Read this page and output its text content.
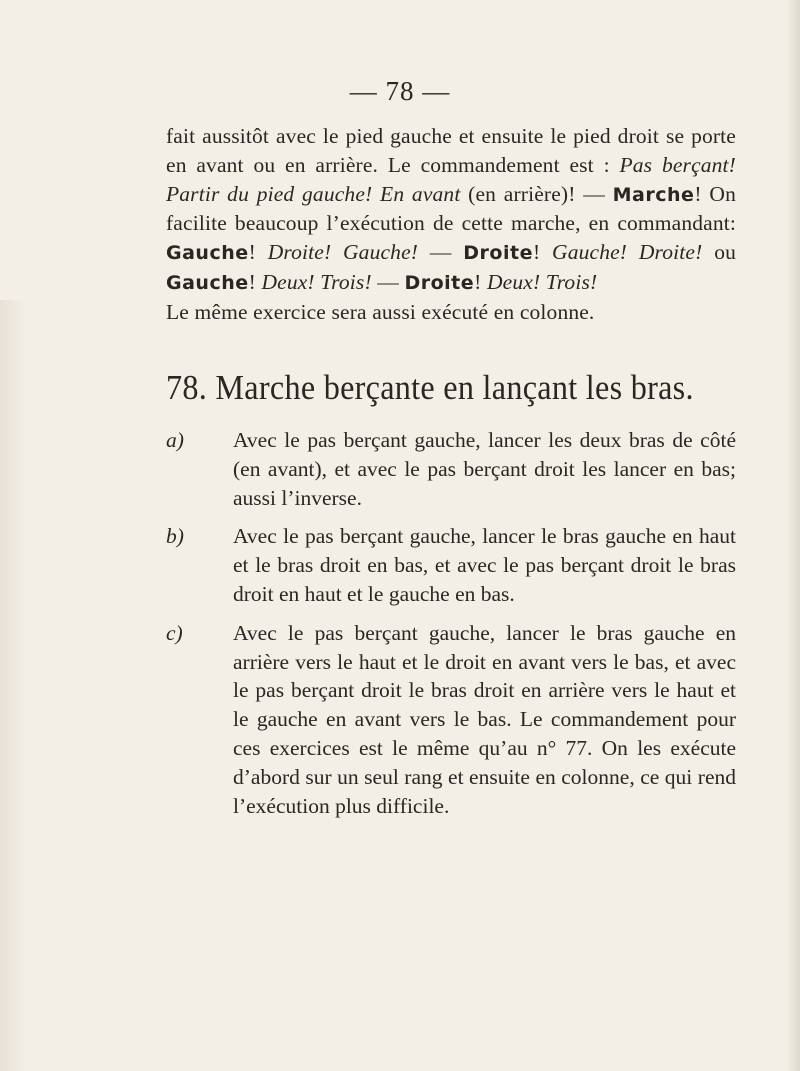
— 78 —

fait aussitôt avec le pied gauche et ensuite le pied droit se porte en avant ou en arrière. Le commandement est : Pas berçant! Partir du pied gauche! En avant (en arrière)! — Marche! On facilite beaucoup l’exécution de cette marche, en commandant: Gauche! Droite! Gauche! — Droite! Gauche! Droite! ou Gauche! Deux! Trois! — Droite! Deux! Trois!

Le même exercice sera aussi exécuté en colonne.

78. Marche berçante en lançant les bras.
a) Avec le pas berçant gauche, lancer les deux bras de côté (en avant), et avec le pas berçant droit les lancer en bas; aussi l’inverse.
b) Avec le pas berçant gauche, lancer le bras gauche en haut et le bras droit en bas, et avec le pas berçant droit le bras droit en haut et le gauche en bas.
c) Avec le pas berçant gauche, lancer le bras gauche en arrière vers le haut et le droit en avant vers le bas, et avec le pas berçant droit le bras droit en arrière vers le haut et le gauche en avant vers le bas. Le commandement pour ces exercices est le même qu’au n° 77. On les exécute d’abord sur un seul rang et ensuite en colonne, ce qui rend l’exécution plus difficile.
